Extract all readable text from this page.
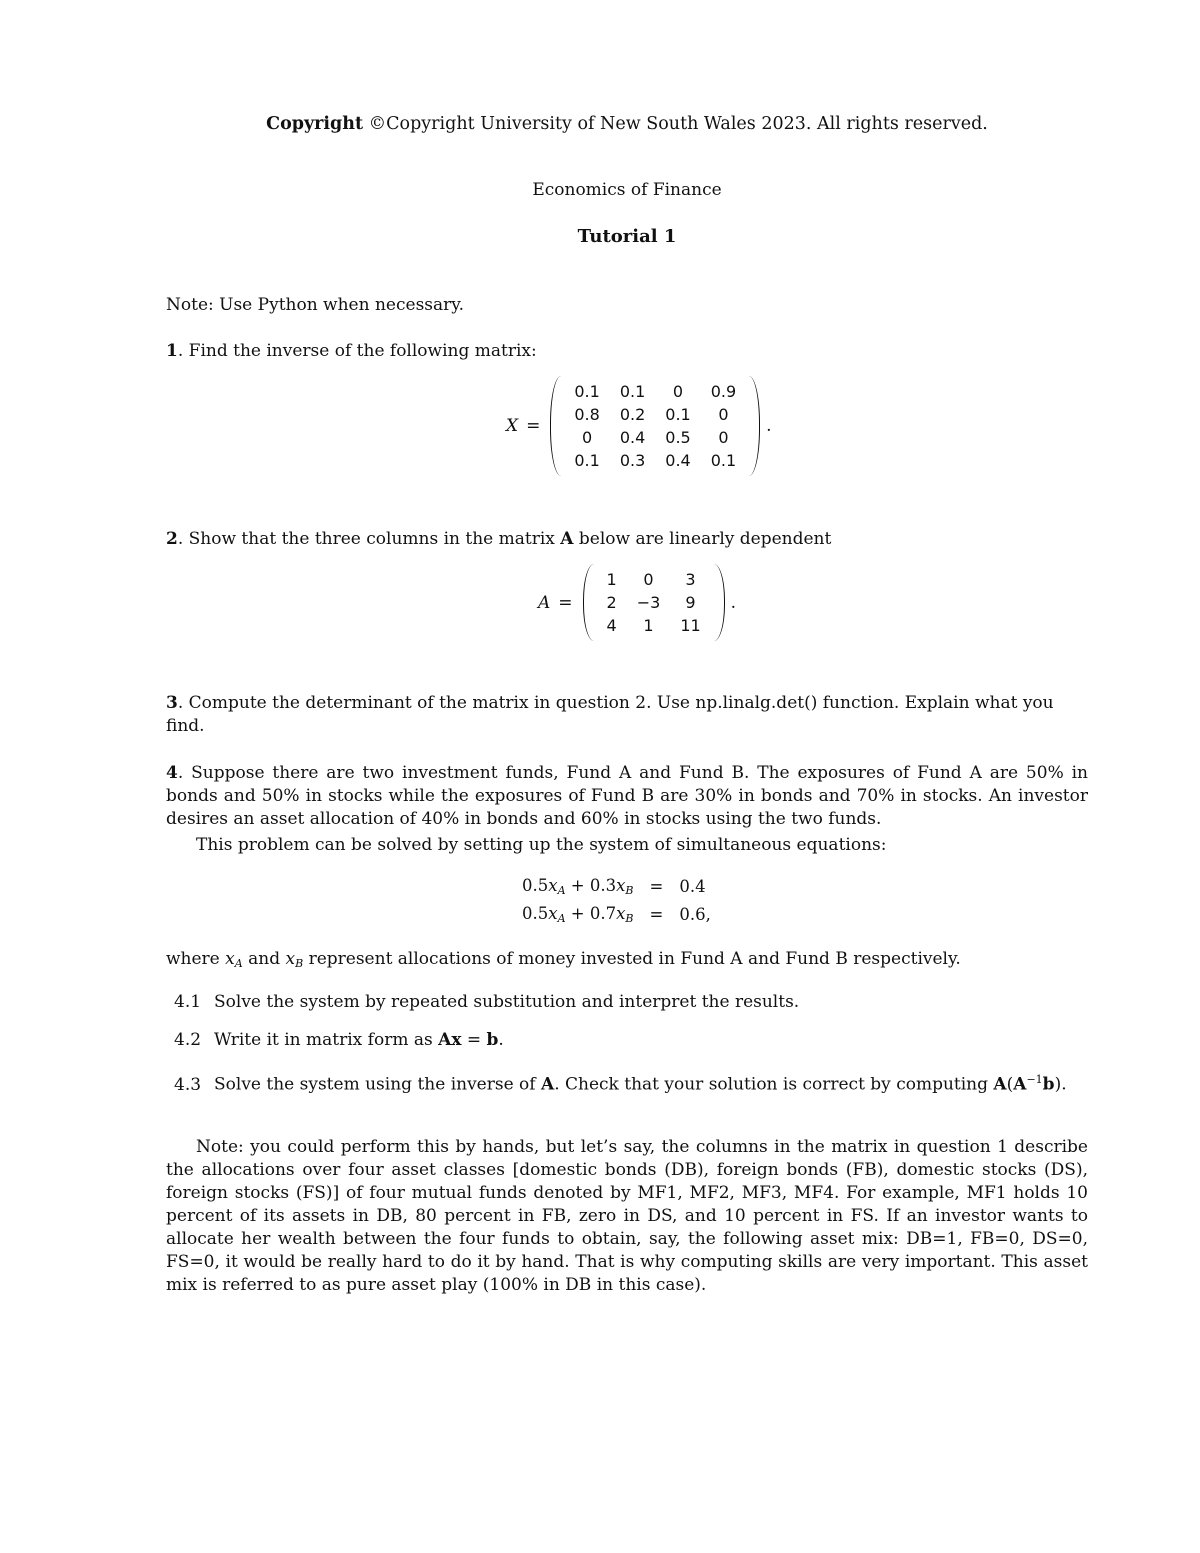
Copyright ©Copyright University of New South Wales 2023. All rights reserved.
Economics of Finance
Tutorial 1
Note: Use Python when necessary.
1. Find the inverse of the following matrix:
X =
0.1	0.1	0	0.9
0.8	0.2	0.1	0
0	0.4	0.5	0
0.1	0.3	0.4	0.1
.
2. Show that the three columns in the matrix A below are linearly dependent
A =
1	0	3
2	−3	9
4	1	11
.
3. Compute the determinant of the matrix in question 2. Use np.linalg.det() function. Explain what you find.
4. Suppose there are two investment funds, Fund A and Fund B. The exposures of Fund A are 50% in bonds and 50% in stocks while the exposures of Fund B are 30% in bonds and 70% in stocks. An investor desires an asset allocation of 40% in bonds and 60% in stocks using the two funds.
This problem can be solved by setting up the system of simultaneous equations:
$0.5x_A + 0.3x_B$	=	0.4
$0.5x_A + 0.7x_B$	=	0.6,
where $x_A$ and $x_B$ represent allocations of money invested in Fund A and Fund B respectively.
4.1 Solve the system by repeated substitution and interpret the results.
4.2 Write it in matrix form as Ax = b.
4.3 Solve the system using the inverse of A. Check that your solution is correct by computing $A(A^{-1}b)$.
Note: you could perform this by hands, but let’s say, the columns in the matrix in question 1 describe the allocations over four asset classes [domestic bonds (DB), foreign bonds (FB), domestic stocks (DS), foreign stocks (FS)] of four mutual funds denoted by MF1, MF2, MF3, MF4. For example, MF1 holds 10 percent of its assets in DB, 80 percent in FB, zero in DS, and 10 percent in FS. If an investor wants to allocate her wealth between the four funds to obtain, say, the following asset mix: DB=1, FB=0, DS=0, FS=0, it would be really hard to do it by hand. That is why computing skills are very important. This asset mix is referred to as pure asset play (100% in DB in this case).
